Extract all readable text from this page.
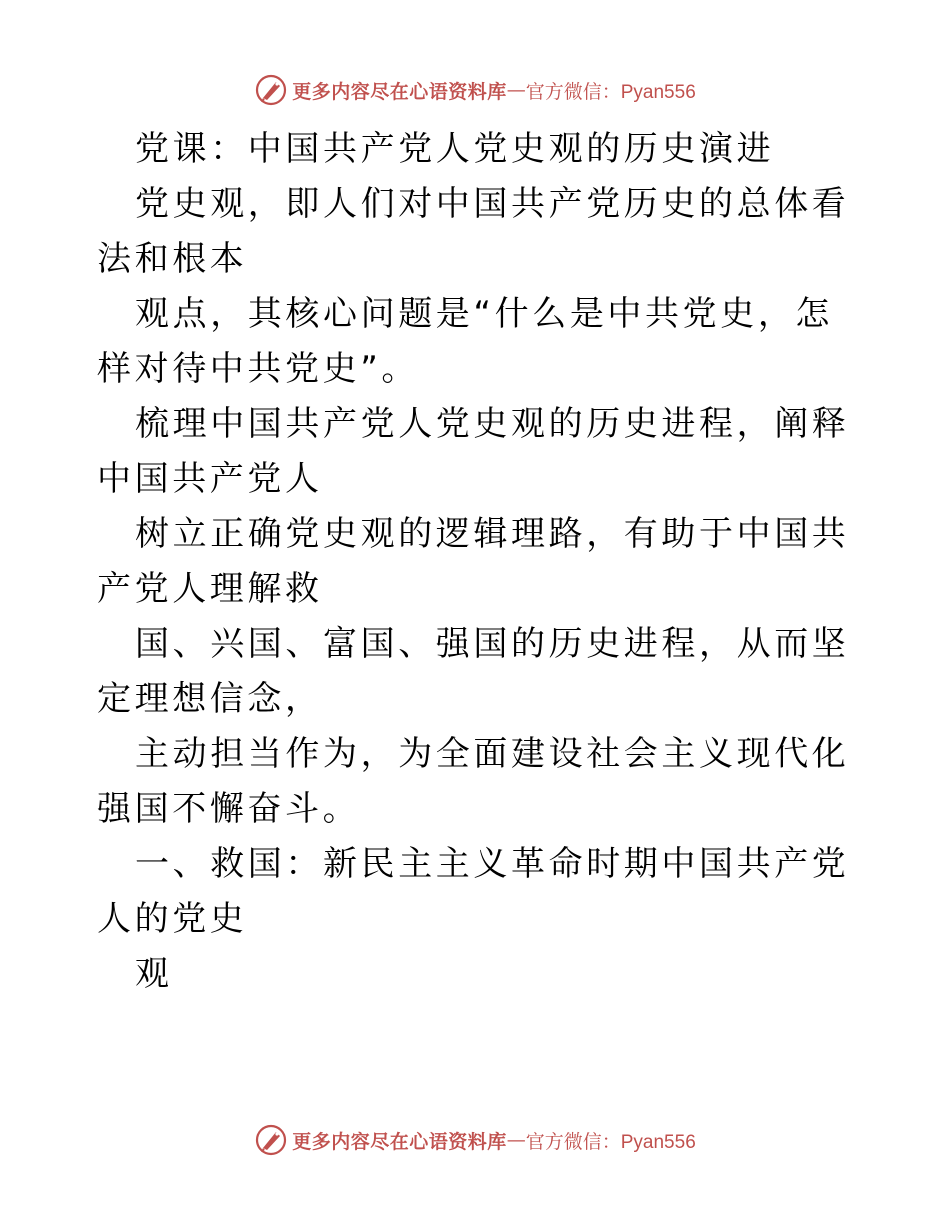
更多内容尽在心语资料库 — 官方微信：Pyan556

党课：中国共产党人党史观的历史演进

党史观，即人们对中国共产党历史的总体看法和根本

观点，其核心问题是“什么是中共党史，怎样对待中共党史”。

梳理中国共产党人党史观的历史进程，阐释中国共产党人

树立正确党史观的逻辑理路，有助于中国共产党人理解救

国、兴国、富国、强国的历史进程，从而坚定理想信念，

主动担当作为，为全面建设社会主义现代化强国不懈奋斗。

一、救国：新民主主义革命时期中国共产党人的党史

观

更多内容尽在心语资料库 — 官方微信：Pyan556
